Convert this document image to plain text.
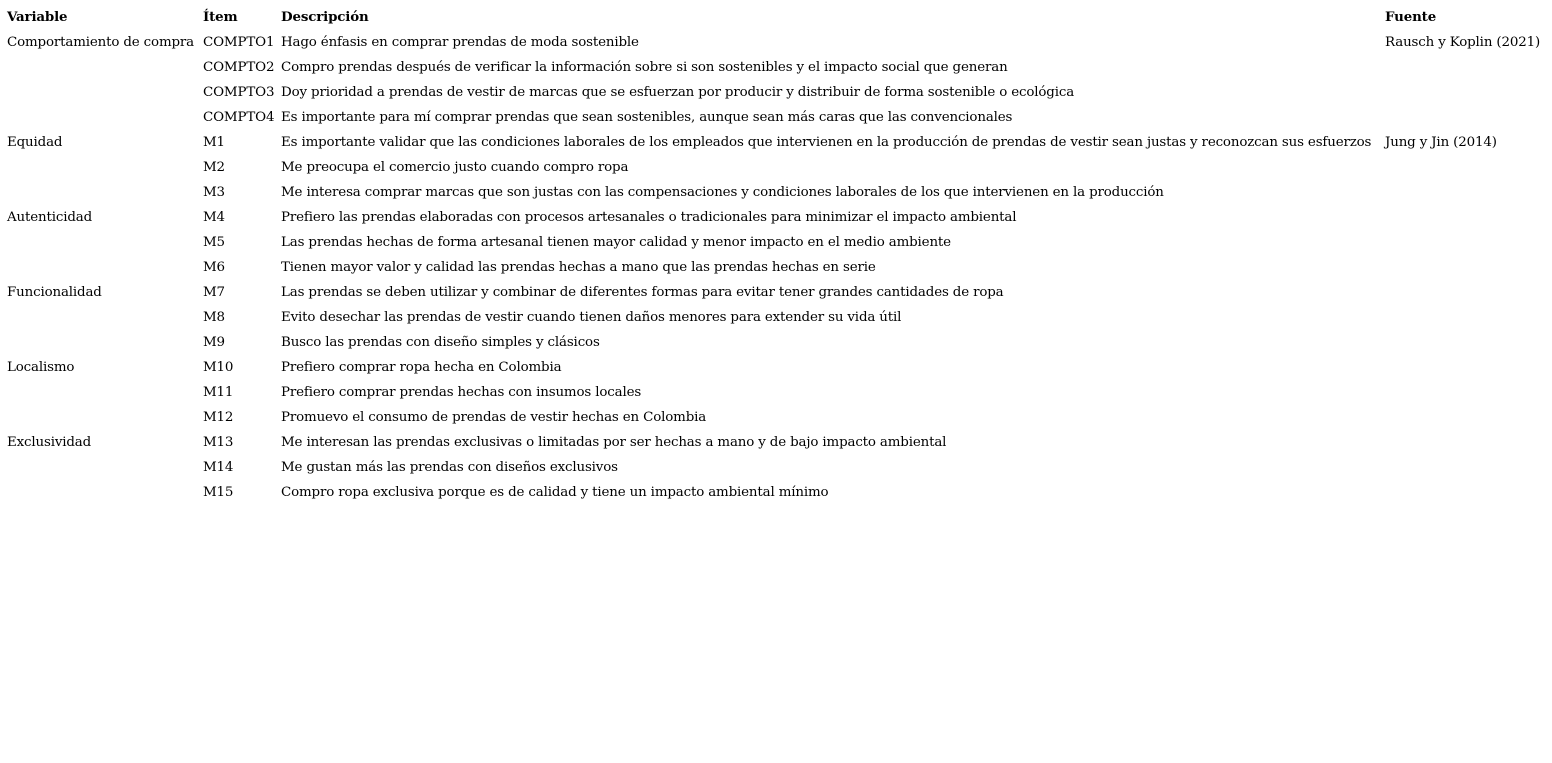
Variable	Ítem	Descripción	Fuente
Comportamiento de compra	COMPTO1	Hago énfasis en comprar prendas de moda sostenible	Rausch y Koplin (2021)
	COMPTO2	Compro prendas después de verificar la información sobre si son sostenibles y el impacto social que generan	
	COMPTO3	Doy prioridad a prendas de vestir de marcas que se esfuerzan por producir y distribuir de forma sostenible o ecológica	
	COMPTO4	Es importante para mí comprar prendas que sean sostenibles, aunque sean más caras que las convencionales	
Equidad	M1	Es importante validar que las condiciones laborales de los empleados que intervienen en la producción de prendas de vestir sean justas y reconozcan sus esfuerzos	Jung y Jin (2014)
	M2	Me preocupa el comercio justo cuando compro ropa	
	M3	Me interesa comprar marcas que son justas con las compensaciones y condiciones laborales de los que intervienen en la producción	
Autenticidad	M4	Prefiero las prendas elaboradas con procesos artesanales o tradicionales para minimizar el impacto ambiental	
	M5	Las prendas hechas de forma artesanal tienen mayor calidad y menor impacto en el medio ambiente	
	M6	Tienen mayor valor y calidad las prendas hechas a mano que las prendas hechas en serie	
Funcionalidad	M7	Las prendas se deben utilizar y combinar de diferentes formas para evitar tener grandes cantidades de ropa	
	M8	Evito desechar las prendas de vestir cuando tienen daños menores para extender su vida útil	
	M9	Busco las prendas con diseño simples y clásicos	
Localismo	M10	Prefiero comprar ropa hecha en Colombia	
	M11	Prefiero comprar prendas hechas con insumos locales	
	M12	Promuevo el consumo de prendas de vestir hechas en Colombia	
Exclusividad	M13	Me interesan las prendas exclusivas o limitadas por ser hechas a mano y de bajo impacto ambiental	
	M14	Me gustan más las prendas con diseños exclusivos	
	M15	Compro ropa exclusiva porque es de calidad y tiene un impacto ambiental mínimo	
